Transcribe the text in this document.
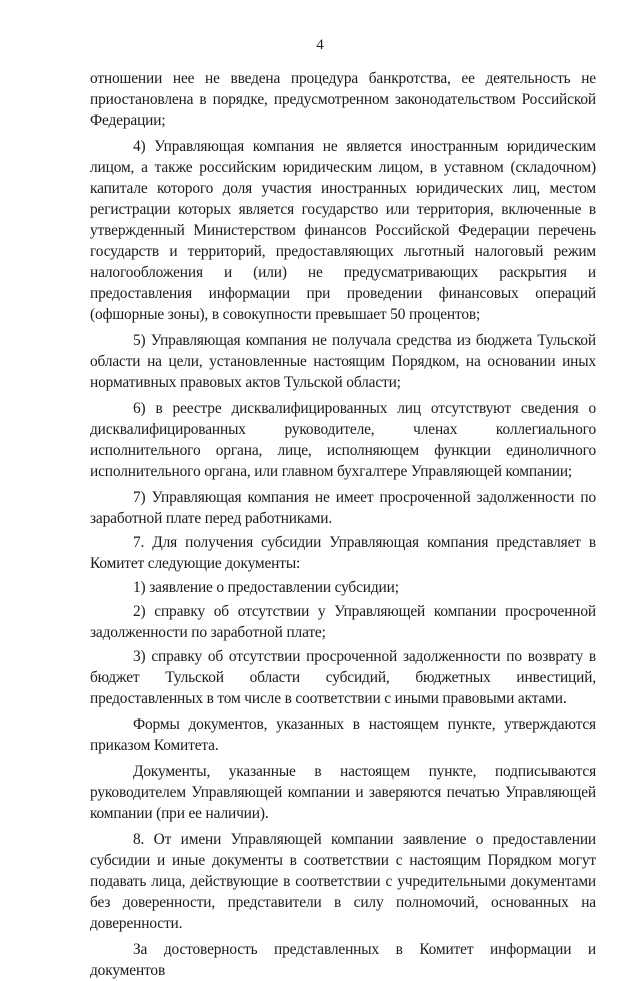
4

отношении нее не введена процедура банкротства, ее деятельность не приостановлена в порядке, предусмотренном законодательством Российской Федерации;

4) Управляющая компания не является иностранным юридическим лицом, а также российским юридическим лицом, в уставном (складочном) капитале которого доля участия иностранных юридических лиц, местом регистрации которых является государство или территория, включенные в утвержденный Министерством финансов Российской Федерации перечень государств и территорий, предоставляющих льготный налоговый режим налогообложения и (или) не предусматривающих раскрытия и предоставления информации при проведении финансовых операций (офшорные зоны), в совокупности превышает 50 процентов;

5) Управляющая компания не получала средства из бюджета Тульской области на цели, установленные настоящим Порядком, на основании иных нормативных правовых актов Тульской области;

6) в реестре дисквалифицированных лиц отсутствуют сведения о дисквалифицированных руководителе, членах коллегиального исполнительного органа, лице, исполняющем функции единоличного исполнительного органа, или главном бухгалтере Управляющей компании;

7) Управляющая компания не имеет просроченной задолженности по заработной плате перед работниками.

7. Для получения субсидии Управляющая компания представляет в Комитет следующие документы:

1) заявление о предоставлении субсидии;

2) справку об отсутствии у Управляющей компании просроченной задолженности по заработной плате;

3) справку об отсутствии просроченной задолженности по возврату в бюджет Тульской области субсидий, бюджетных инвестиций, предоставленных в том числе в соответствии с иными правовыми актами.

Формы документов, указанных в настоящем пункте, утверждаются приказом Комитета.

Документы, указанные в настоящем пункте, подписываются руководителем Управляющей компании и заверяются печатью Управляющей компании (при ее наличии).

8. От имени Управляющей компании заявление о предоставлении субсидии и иные документы в соответствии с настоящим Порядком могут подавать лица, действующие в соответствии с учредительными документами без доверенности, представители в силу полномочий, основанных на доверенности.

За достоверность представленных в Комитет информации и документов
